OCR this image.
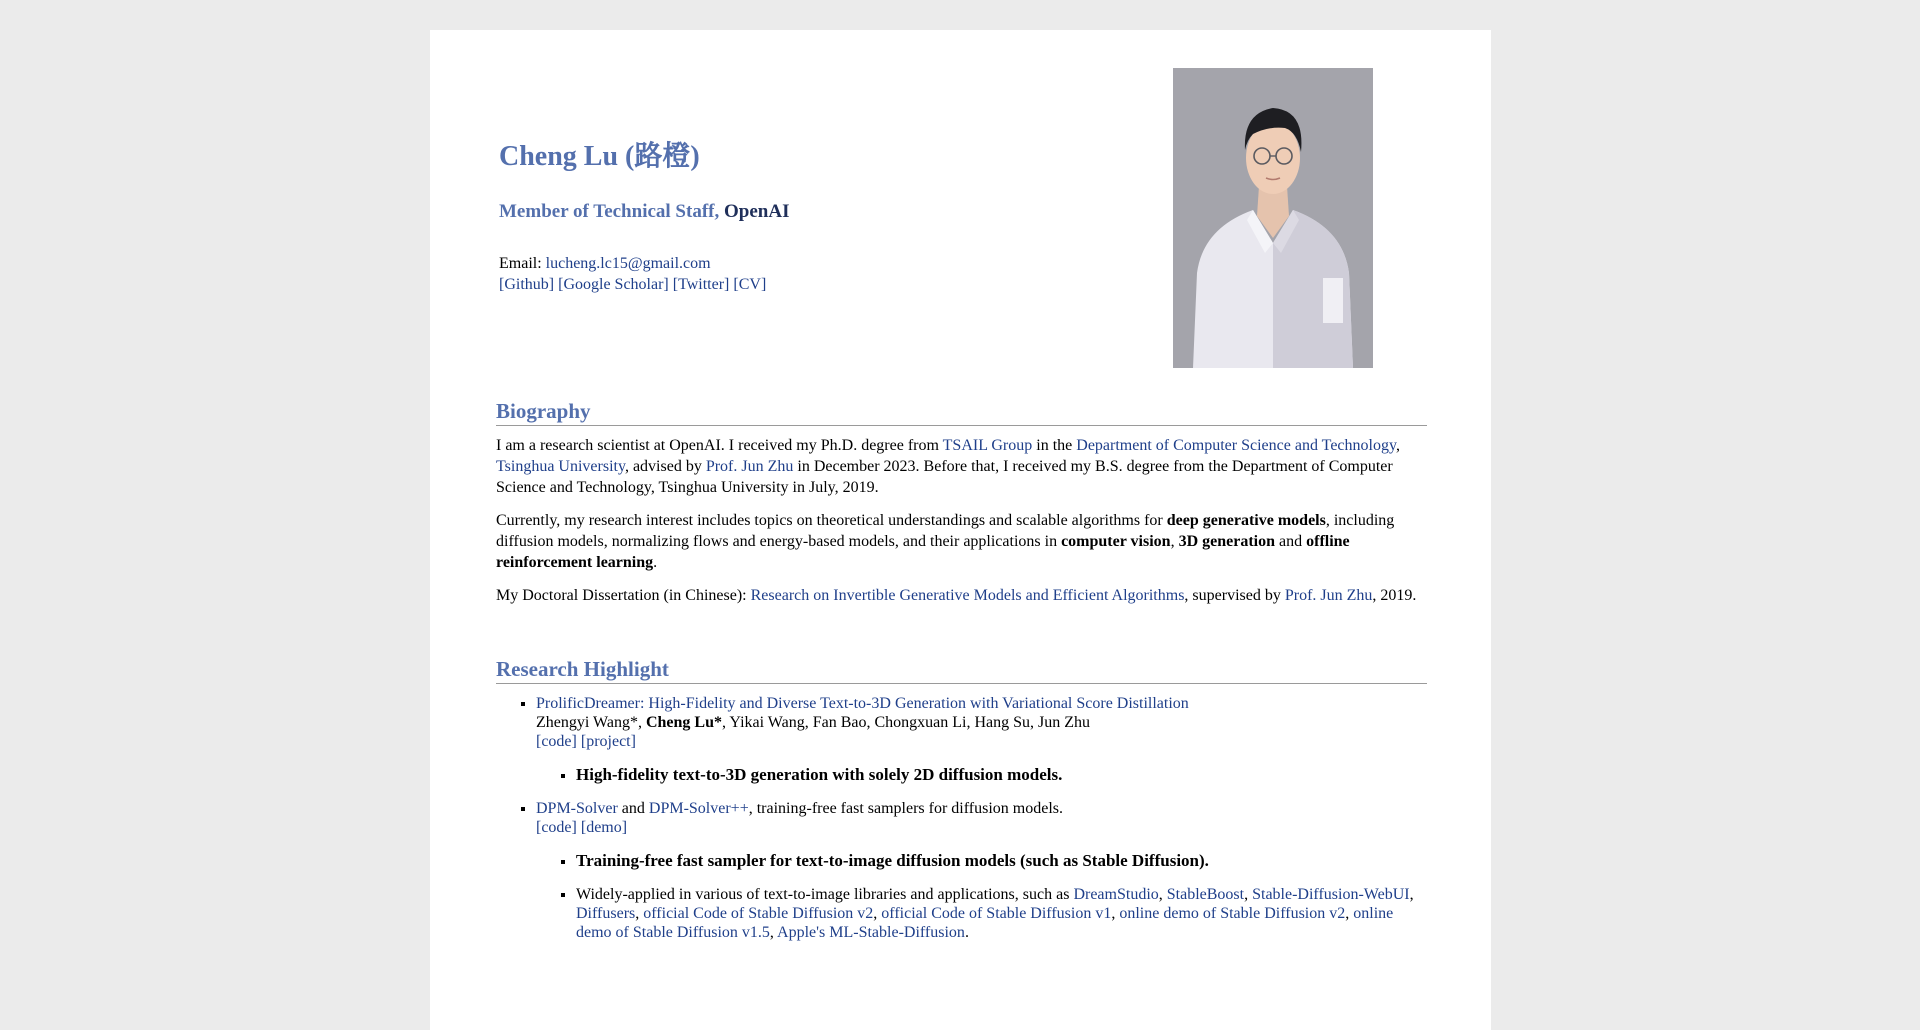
Cheng Lu (路橙)
Member of Technical Staff, OpenAI
Email: lucheng.lc15@gmail.com
[Github] [Google Scholar] [Twitter] [CV]
Biography

I am a research scientist at OpenAI. I received my Ph.D. degree from TSAIL Group in the Department of Computer Science and Technology, Tsinghua University, advised by Prof. Jun Zhu in December 2023. Before that, I received my B.S. degree from the Department of Computer Science and Technology, Tsinghua University in July, 2019.

Currently, my research interest includes topics on theoretical understandings and scalable algorithms for deep generative models, including diffusion models, normalizing flows and energy-based models, and their applications in computer vision, 3D generation and offline reinforcement learning.

My Doctoral Dissertation (in Chinese): Research on Invertible Generative Models and Efficient Algorithms, supervised by Prof. Jun Zhu, 2019.

Research Highlight
▪ ProlificDreamer: High-Fidelity and Diverse Text-to-3D Generation with Variational Score Distillation
Zhengyi Wang*, Cheng Lu*, Yikai Wang, Fan Bao, Chongxuan Li, Hang Su, Jun Zhu
[code] [project]
▪ High-fidelity text-to-3D generation with solely 2D diffusion models.
▪ DPM-Solver and DPM-Solver++, training-free fast samplers for diffusion models.
[code] [demo]
▪ Training-free fast sampler for text-to-image diffusion models (such as Stable Diffusion).
▪ Widely-applied in various of text-to-image libraries and applications, such as DreamStudio, StableBoost, Stable-Diffusion-WebUI, Diffusers, official Code of Stable Diffusion v2, official Code of Stable Diffusion v1, online demo of Stable Diffusion v2, online demo of Stable Diffusion v1.5, Apple's ML-Stable-Diffusion.
